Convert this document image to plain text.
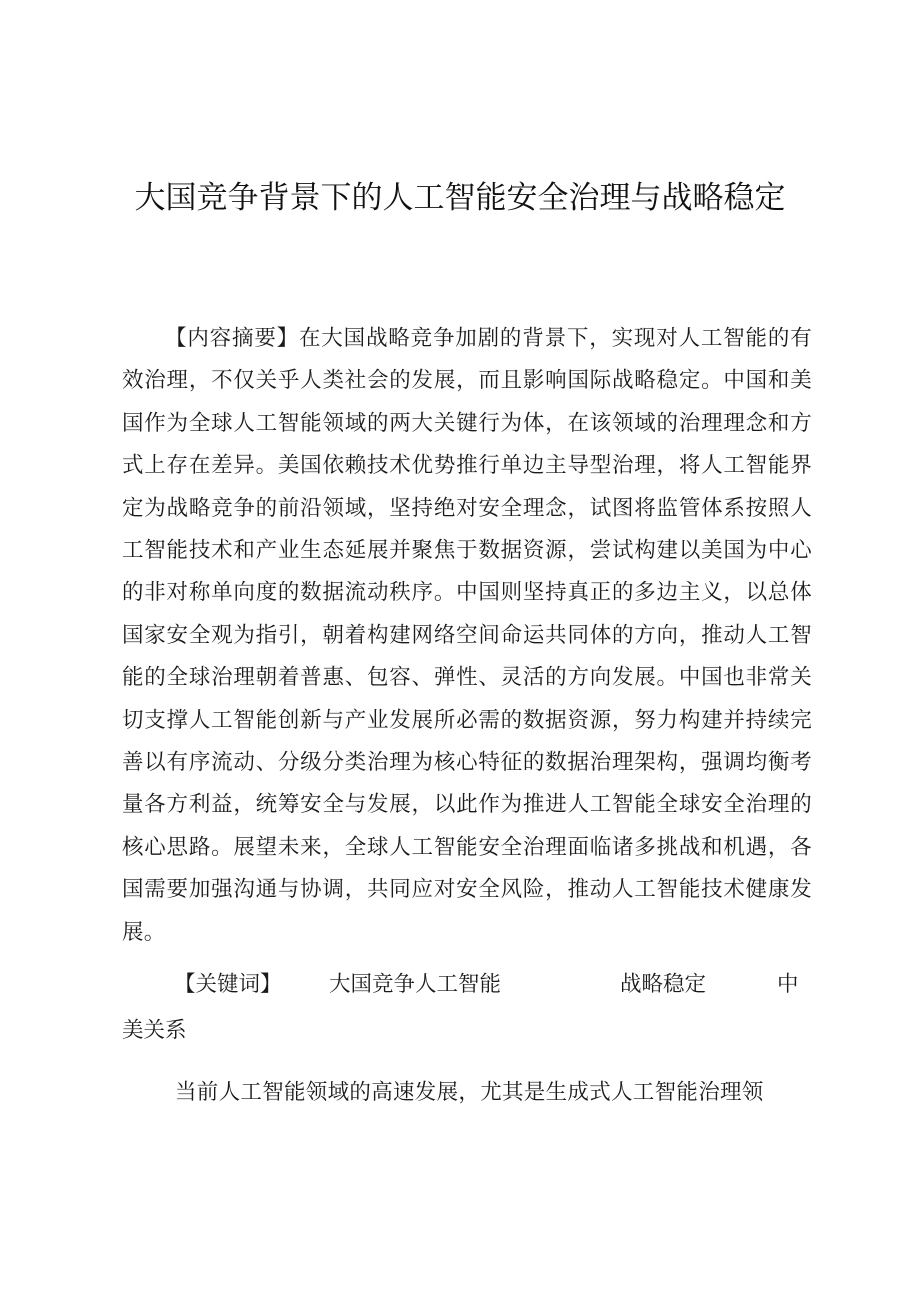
大国竞争背景下的人工智能安全治理与战略稳定

【内容摘要】在大国战略竞争加剧的背景下，实现对人工智能的有效治理，不仅关乎人类社会的发展，而且影响国际战略稳定。中国和美国作为全球人工智能领域的两大关键行为体，在该领域的治理理念和方式上存在差异。美国依赖技术优势推行单边主导型治理，将人工智能界定为战略竞争的前沿领域，坚持绝对安全理念，试图将监管体系按照人工智能技术和产业生态延展并聚焦于数据资源，尝试构建以美国为中心的非对称单向度的数据流动秩序。中国则坚持真正的多边主义，以总体国家安全观为指引，朝着构建网络空间命运共同体的方向，推动人工智能的全球治理朝着普惠、包容、弹性、灵活的方向发展。中国也非常关切支撑人工智能创新与产业发展所必需的数据资源，努力构建并持续完善以有序流动、分级分类治理为核心特征的数据治理架构，强调均衡考量各方利益，统筹安全与发展，以此作为推进人工智能全球安全治理的核心思路。展望未来，全球人工智能安全治理面临诸多挑战和机遇，各国需要加强沟通与协调，共同应对安全风险，推动人工智能技术健康发展。

【关键词】 大国竞争人工智能	战略稳定	中
美关系

当前人工智能领域的高速发展，尤其是生成式人工智能治理领
